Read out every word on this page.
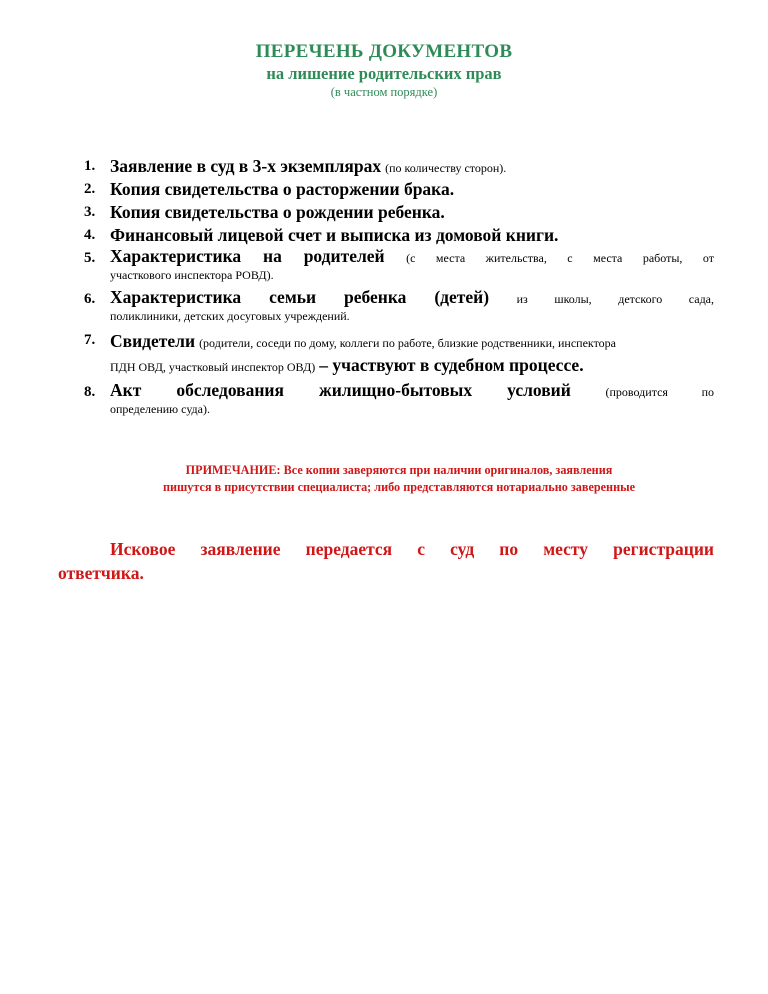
ПЕРЕЧЕНЬ ДОКУМЕНТОВ

на лишение родительских прав

(в частном порядке)

1. Заявление в суд в 3-х экземплярах (по количеству сторон).
2. Копия свидетельства о расторжении брака.
3. Копия свидетельства о рождении ребенка.
4. Финансовый лицевой счет и выписка из домовой книги.
5. Характеристика на родителей (с места жительства, с места работы, от
участкового инспектора РОВД).
6. Характеристика семьи ребенка (детей) из школы, детского сада,
поликлиники, детских досуговых учреждений.
7. Свидетели (родители, соседи по дому, коллеги по работе, близкие родственники, инспектора
ПДН ОВД, участковый инспектор ОВД) – участвуют в судебном процессе.
8. Акт обследования жилищно-бытовых условий	(проводится по
определению суда).
ПРИМЕЧАНИЕ: Все копии заверяются при наличии оригиналов, заявления
пишутся в присутствии специалиста; либо представляются нотариально заверенные
Исковое заявление передается с суд по месту регистрации
ответчика.
